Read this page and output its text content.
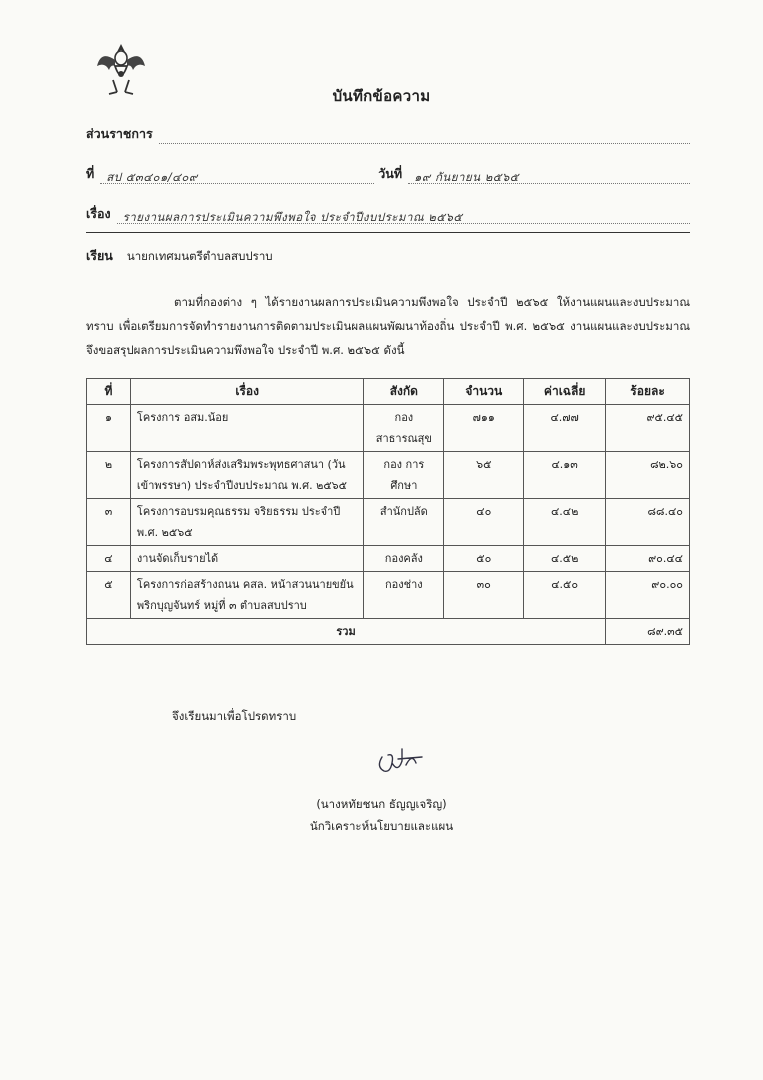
บันทึกข้อความ
ส่วนราชการ
ที่	สป ๕๓๔๐๑/๔๐๙	วันที่	๑๙ กันยายน ๒๕๖๕
เรื่อง	รายงานผลการประเมินความพึงพอใจ ประจำปีงบประมาณ ๒๕๖๕
เรียน นายกเทศมนตรีตำบลสบปราบ
ตามที่กองต่าง ๆ ได้รายงานผลการประเมินความพึงพอใจ ประจำปี ๒๕๖๕ ให้งานแผนและงบประมาณทราบ เพื่อเตรียมการจัดทำรายงานการติดตามประเมินผลแผนพัฒนาท้องถิ่น ประจำปี พ.ศ. ๒๕๖๕ งานแผนและงบประมาณ จึงขอสรุปผลการประเมินความพึงพอใจ ประจำปี พ.ศ. ๒๕๖๕ ดังนี้
ที่	เรื่อง	สังกัด	จำนวน	ค่าเฉลี่ย	ร้อยละ
๑	โครงการ อสม.น้อย	กอง สาธารณสุข	๗๑๑	๔.๗๗	๙๕.๔๕
๒	โครงการสัปดาห์ส่งเสริมพระพุทธศาสนา (วันเข้าพรรษา) ประจำปีงบประมาณ พ.ศ. ๒๕๖๕	กอง การศึกษา	๖๕	๔.๑๓	๘๒.๖๐
๓	โครงการอบรมคุณธรรม จริยธรรม ประจำปี พ.ศ. ๒๕๖๕	สำนักปลัด	๔๐	๔.๔๒	๘๘.๔๐
๔	งานจัดเก็บรายได้	กองคลัง	๕๐	๔.๕๒	๙๐.๔๔
๕	โครงการก่อสร้างถนน คสล. หน้าสวนนายขยัน พริกบุญจันทร์ หมู่ที่ ๓ ตำบลสบปราบ	กองช่าง	๓๐	๔.๕๐	๙๐.๐๐
รวม					๘๙.๓๕
จึงเรียนมาเพื่อโปรดทราบ
(นางหทัยชนก ธัญญเจริญ)
นักวิเคราะห์นโยบายและแผน
